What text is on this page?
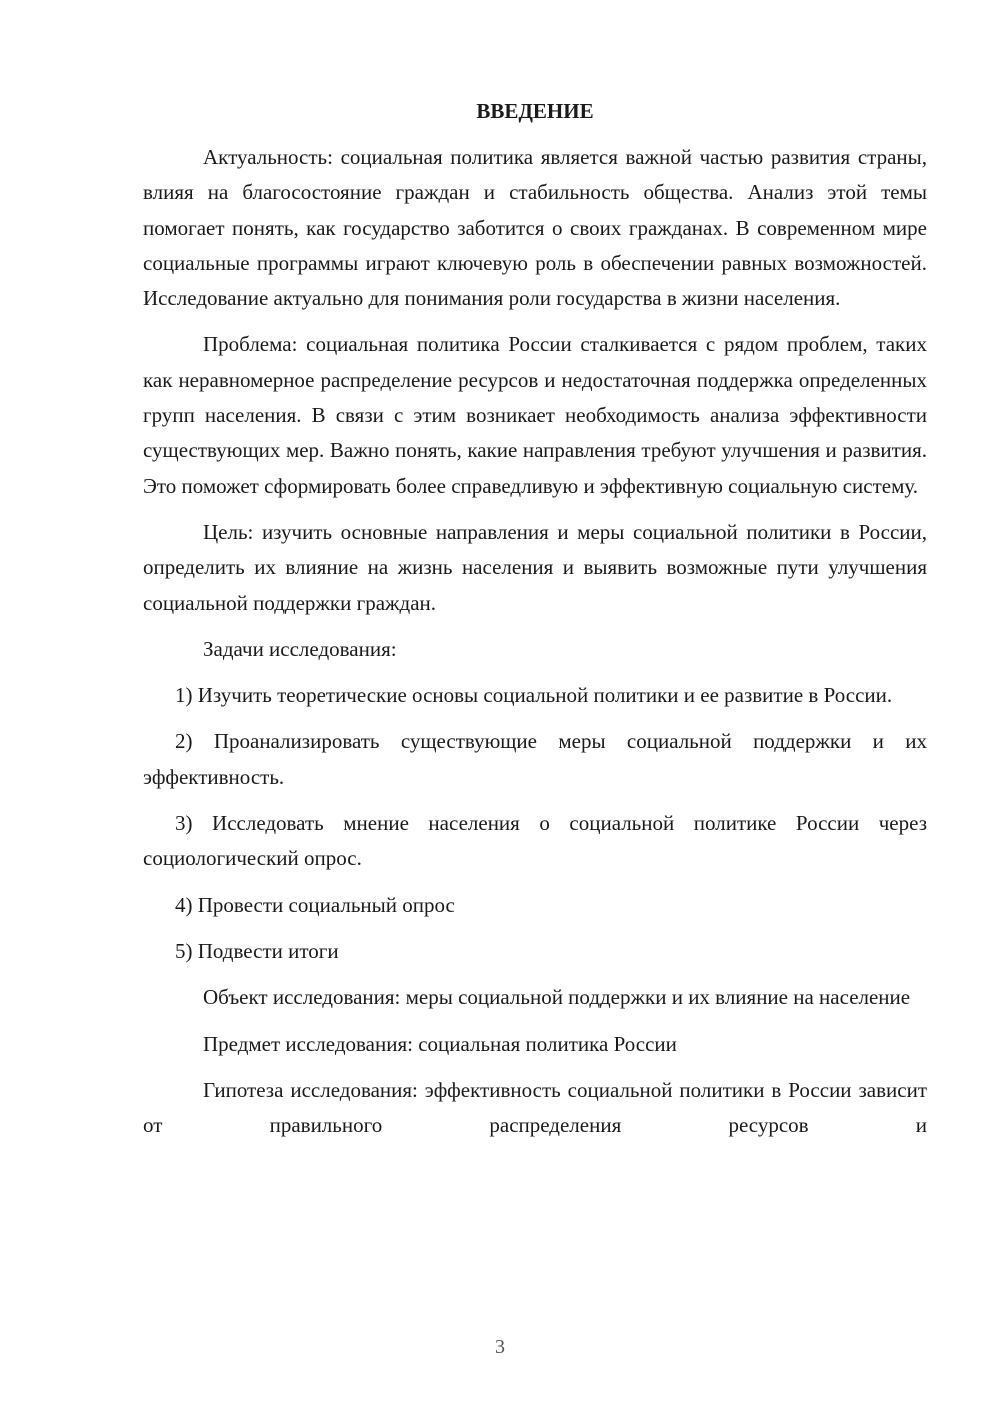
ВВЕДЕНИЕ

Актуальность: социальная политика является важной частью развития страны, влияя на благосостояние граждан и стабильность общества. Анализ этой темы помогает понять, как государство заботится о своих гражданах. В современном мире социальные программы играют ключевую роль в обеспечении равных возможностей. Исследование актуально для понимания роли государства в жизни населения.

Проблема: социальная политика России сталкивается с рядом проблем, таких как неравномерное распределение ресурсов и недостаточная поддержка определенных групп населения. В связи с этим возникает необходимость анализа эффективности существующих мер. Важно понять, какие направления требуют улучшения и развития. Это поможет сформировать более справедливую и эффективную социальную систему.

Цель: изучить основные направления и меры социальной политики в России, определить их влияние на жизнь населения и выявить возможные пути улучшения социальной поддержки граждан.

Задачи исследования:

1) Изучить теоретические основы социальной политики и ее развитие в России.

2) Проанализировать существующие меры социальной поддержки и их эффективность.

3) Исследовать мнение населения о социальной политике России через социологический опрос.

4) Провести социальный опрос

5) Подвести итоги

Объект исследования: меры социальной поддержки и их влияние на население

Предмет исследования: социальная политика России

Гипотеза исследования: эффективность социальной политики в России зависит от правильного распределения ресурсов и

3
